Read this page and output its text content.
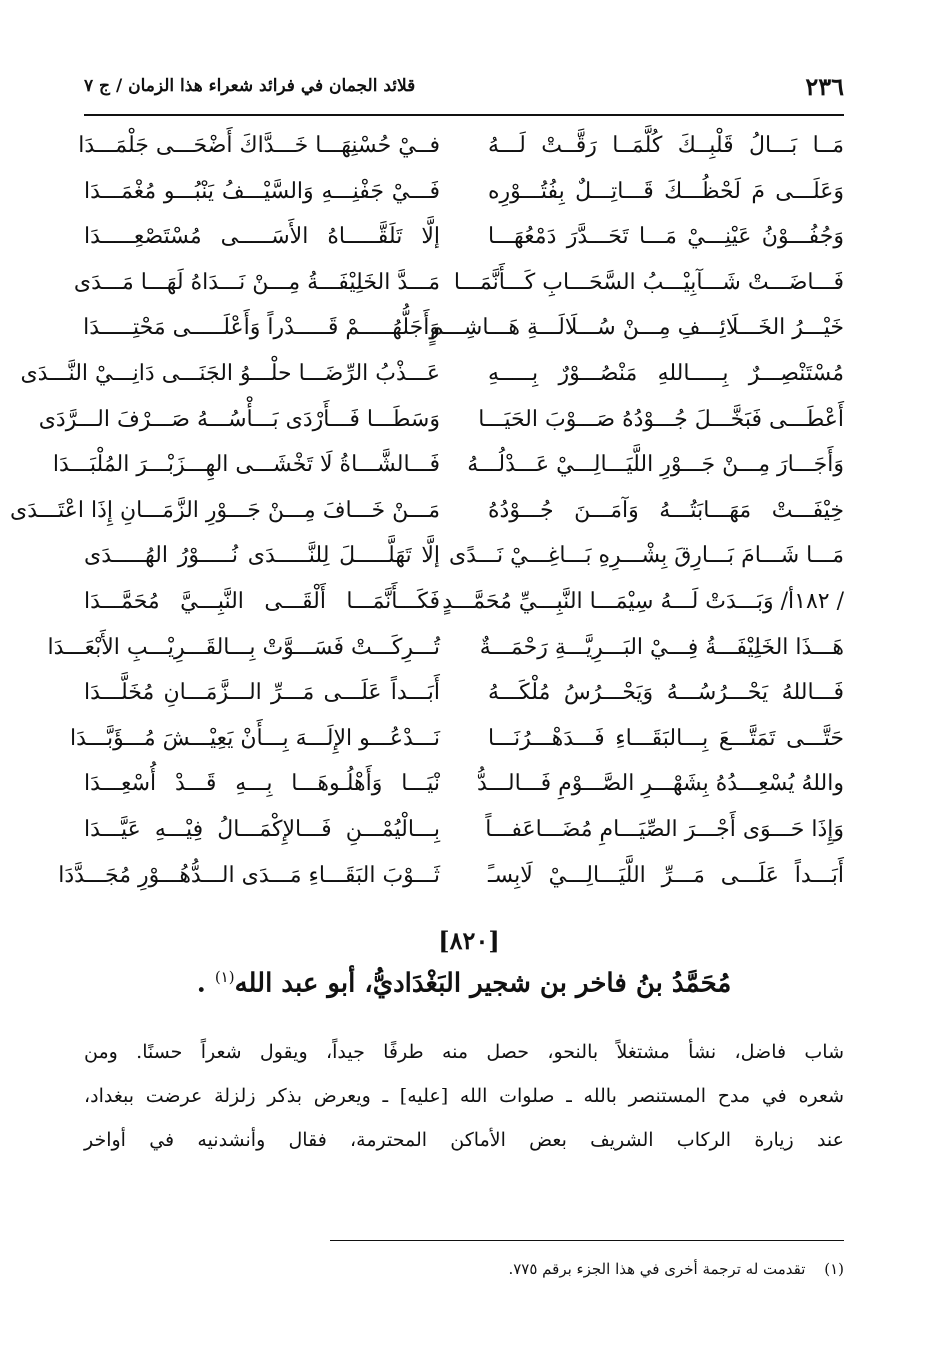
٢٣٦
قلائد الجمان في فرائد شعراء هذا الزمان / ج ٧
مَــا بَـــالُ قَلْبِــكَ كُلَّمَــا رَقَّــتْ لَـــهُ
فــيْ حُسْنِهَـــا خَـــدَّاكَ أَضْحَـــى جَلْمَـــدَا
وَعَلَـــى مَ لَحْظُـــكَ قَـــاتِـــلٌ بِفُتُـــوْرِه
فَـــيْ جَفْنِـــهِ وَالسَّيْـــفُ يَنْبُـــو مُغْمَـــدَا
وَجُفُـــوْنُ عَيْنِـــيْ مَـــا تَحَـــدَّرَ دَمْعُهَـــا
إلَّا تَلَقَّـــــاهُ الأَسَـــــى مُسْتَصْعِـــــدَا
فَـــاضَـــتْ شَـــآبِيْـــبُ السَّحَـــابِ كَـــأَنَّمَـــا
مَـــدَّ الخَلِيْفَـــةُ مِـــنْ نَـــدَاهُ لَهَـــا مَـــدَى
خَيْـــرُ الخَـــلَائِـــفِ مِـــنْ سُـــلَالَـــةِ هَـــاشِـــمٍ
وَأَجَلُّهُـــــمْ قَـــــدْراً وَأَعْلَـــــى مَحْتِـــــدَا
مُسْتَنْصِـــرٌ بِـــــاللهِ مَنْصُـــوْرٌ بِـــــهِ
عَـــذْبُ الرِّضَـــا حلْـــوُ الجَنَـــى دَانِـــيْ النَّـــدَى
أَعْطَـــى فَبَخَّـــلَ جُـــوْدُهُ صَـــوْبَ الحَيَـــا
وَسَطَـــا فَـــأَرْدَى بَـــأْسُـــهُ صَـــرْفَ الـــرَّدَى
وَأَجَـــارَ مِـــنْ جَـــوْرِ اللَّيَـــالِـــيْ عَـــدْلُـــهُ
فَـــالشَّـــاةُ لَا تَخْشَـــى الهِـــزَبْـــرَ المُلْبَـــدَا
خِيْفَـــتْ مَهَـــابَتُـــهُ وَآمَـــنَ جُـــوْدُهُ
مَـــنْ خَـــافَ مِـــنْ جَـــوْرِ الزَّمَـــانِ إِذَا اعْتَـــدَى
مَـــا شَـــامَ بَـــارِقَ بِشْـــرِهِ بَـــاغِـــيْ نَـــدًى
إلَّا تَهَلَّـــــلَ لِلنَّـــــدَى نُـــــوْرُ الهُـــــدَى
/ ١٨٢أ/ وَبَـــدَتْ لَـــهُ سِيْمَـــا النَّبِـــيِّ مُحَمَّـــدٍ
فَكَـــأَنَّمَـــا أَلْقَـــى النَّبِـــيَّ مُحَمَّـــدَا
هَـــذَا الخَلِيْفَـــةُ فِـــيْ البَـــرِيَّـــةِ رَحْمَـــةٌ
تُـــرِكَـــتْ فَسَـــوَّتْ بِـــالقَـــرِيْـــبِ الأَبْعَـــدَا
فَـــاللهُ يَحْـــرُسُـــهُ وَيَحْـــرُسُ مُلْكَـــهُ
أَبَـــداً عَلَـــى مَـــرِّ الـــزَّمَـــانِ مُخَلَّـــدَا
حَتَّـــى تَمَتَّـــعَ بِـــالبَقَـــاءِ فَـــدَهْـــرُنَـــا
نَـــدْعُـــو الإِلَـــهَ بِـــأَنْ يَعِيْـــشَ مُـــؤَبَّـــدَا
واللهُ يُسْعِـــدُهُ بِشَهْـــرِ الصَّـــوْمِ فَـــالـــدُّ
نْيَـــا وَأَهْلُـوهَـــا بِـــهِ قَـــدْ أُسْعِـــدَا
وَإِذَا حَـــوَى أَجْـــرَ الصِّيَـــامِ مُضَـــاعَفـــاً
بِـــالْيُمْـــنِ فَـــالإِكْمَـــالُ فِيْـــهِ عَيَّـــدَا
أَبَـــداً عَلَـــى مَـــرِّ اللَّيَـــالِـــيْ لَابِسـً
ثَـــوْبَ البَقَـــاءِ مَـــدَى الـــدُّهُـــوْرِ مُجَـــدَّدَا
[٨٢٠]
مُحَمَّدُ بنُ فاخر بن شجير البَغْدَاديُّ، أبو عبد الله$^{(١)}$ .
شاب فاضل، نشأ مشتغلاً بالنحو، حصل منه طرفًا جيداً، ويقول شعراً حسنًا. ومن
شعره في مدح المستنصر بالله ـ صلوات الله [عليه] ـ ويعرض بذكر زلزلة عرضت ببغداد،
عند زيارة الركاب الشريف بعض الأماكن المحترمة، فقال وأنشدنيه في أواخر
(١) تقدمت له ترجمة أخرى في هذا الجزء برقم ٧٧٥.
